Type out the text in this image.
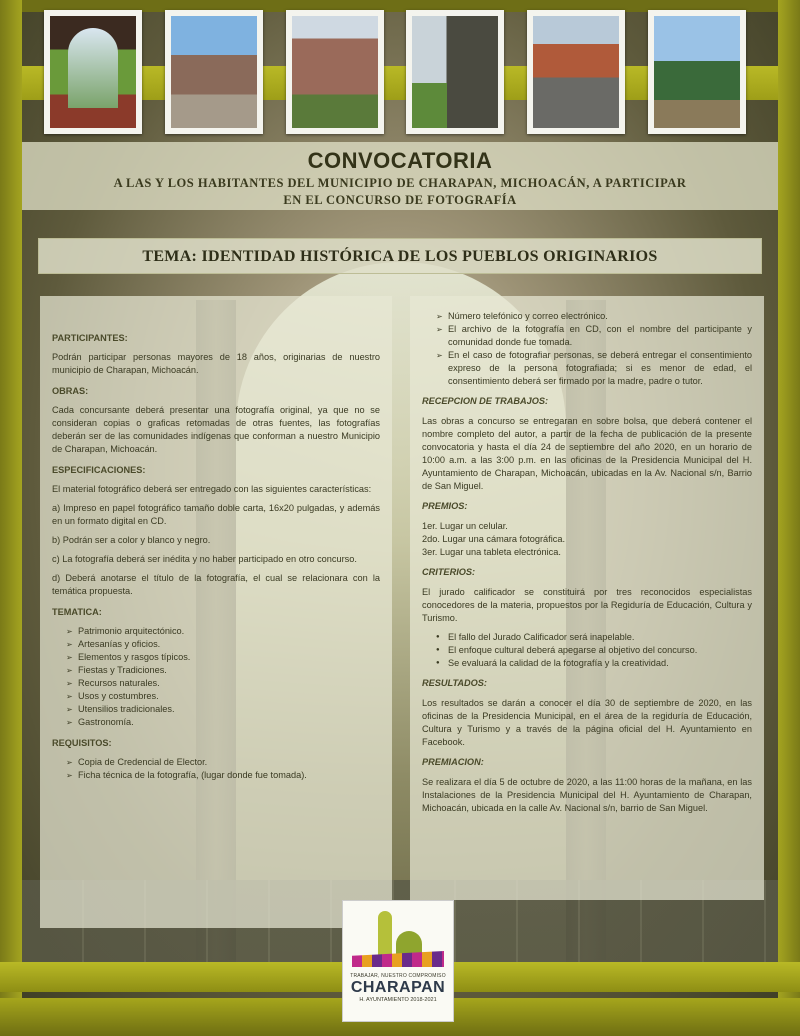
CONVOCATORIA
A LAS Y LOS HABITANTES DEL MUNICIPIO DE CHARAPAN, MICHOACÁN, A PARTICIPAR
EN EL CONCURSO DE FOTOGRAFÍA
TEMA: IDENTIDAD HISTÓRICA DE LOS PUEBLOS ORIGINARIOS
PARTICIPANTES:
Podrán participar personas mayores de 18 años, originarias de nuestro municipio de Charapan, Michoacán.
OBRAS:
Cada concursante deberá presentar una fotografía original, ya que no se consideran copias o graficas retomadas de otras fuentes, las fotografías deberán ser de las comunidades indígenas que conforman a nuestro Municipio de Charapan, Michoacán.
ESPECIFICACIONES:
El material fotográfico deberá ser entregado con las siguientes características:
a) Impreso en papel fotográfico tamaño doble carta, 16x20 pulgadas, y además en un formato digital en CD.
b) Podrán ser a color y blanco y negro.
c) La fotografía deberá ser inédita y no haber participado en otro concurso.
d) Deberá anotarse el título de la fotografía, el cual se relacionara con la temática propuesta.
TEMATICA:
➢ Patrimonio arquitectónico.
➢ Artesanías y oficios.
➢ Elementos y rasgos típicos.
➢ Fiestas y Tradiciones.
➢ Recursos naturales.
➢ Usos y costumbres.
➢ Utensilios tradicionales.
➢ Gastronomía.
REQUISITOS:
➢ Copia de Credencial de Elector.
➢ Ficha técnica de la fotografía, (lugar donde fue tomada).
➢ Número telefónico y correo electrónico.
➢ El archivo de la fotografía en CD, con el nombre del participante y comunidad donde fue tomada.
➢ En el caso de fotografiar personas, se deberá entregar el consentimiento expreso de la persona fotografiada; si es menor de edad, el consentimiento deberá ser firmado por la madre, padre o tutor.
RECEPCION DE TRABAJOS:
Las obras a concurso se entregaran en sobre bolsa, que deberá contener el nombre completo del autor, a partir de la fecha de publicación de la presente convocatoria y hasta el día 24 de septiembre del año 2020, en un horario de 10:00 a.m. a las 3:00 p.m. en las oficinas de la Presidencia Municipal del H. Ayuntamiento de Charapan, Michoacán, ubicadas en la Av. Nacional s/n, Barrio de San Miguel.
PREMIOS:
1er. Lugar un celular.
2do. Lugar una cámara fotográfica.
3er. Lugar una tableta electrónica.
CRITERIOS:
El jurado calificador se constituirá por tres reconocidos especialistas conocedores de la materia, propuestos por la Regiduría de Educación, Cultura y Turismo.
● El fallo del Jurado Calificador será inapelable.
● El enfoque cultural deberá apegarse al objetivo del concurso.
● Se evaluará la calidad de la fotografía y la creatividad.
RESULTADOS:
Los resultados se darán a conocer el día 30 de septiembre de 2020, en las oficinas de la Presidencia Municipal, en el área de la regiduría de Educación, Cultura y Turismo y a través de la página oficial del H. Ayuntamiento en Facebook.
PREMIACION:
Se realizara el día 5 de octubre de 2020, a las 11:00 horas de la mañana, en las Instalaciones de la Presidencia Municipal del H. Ayuntamiento de Charapan, Michoacán, ubicada en la calle Av. Nacional s/n, barrio de San Miguel.
TRABAJAR, NUESTRO COMPROMISO
CHARAPAN
H. AYUNTAMIENTO 2018-2021
